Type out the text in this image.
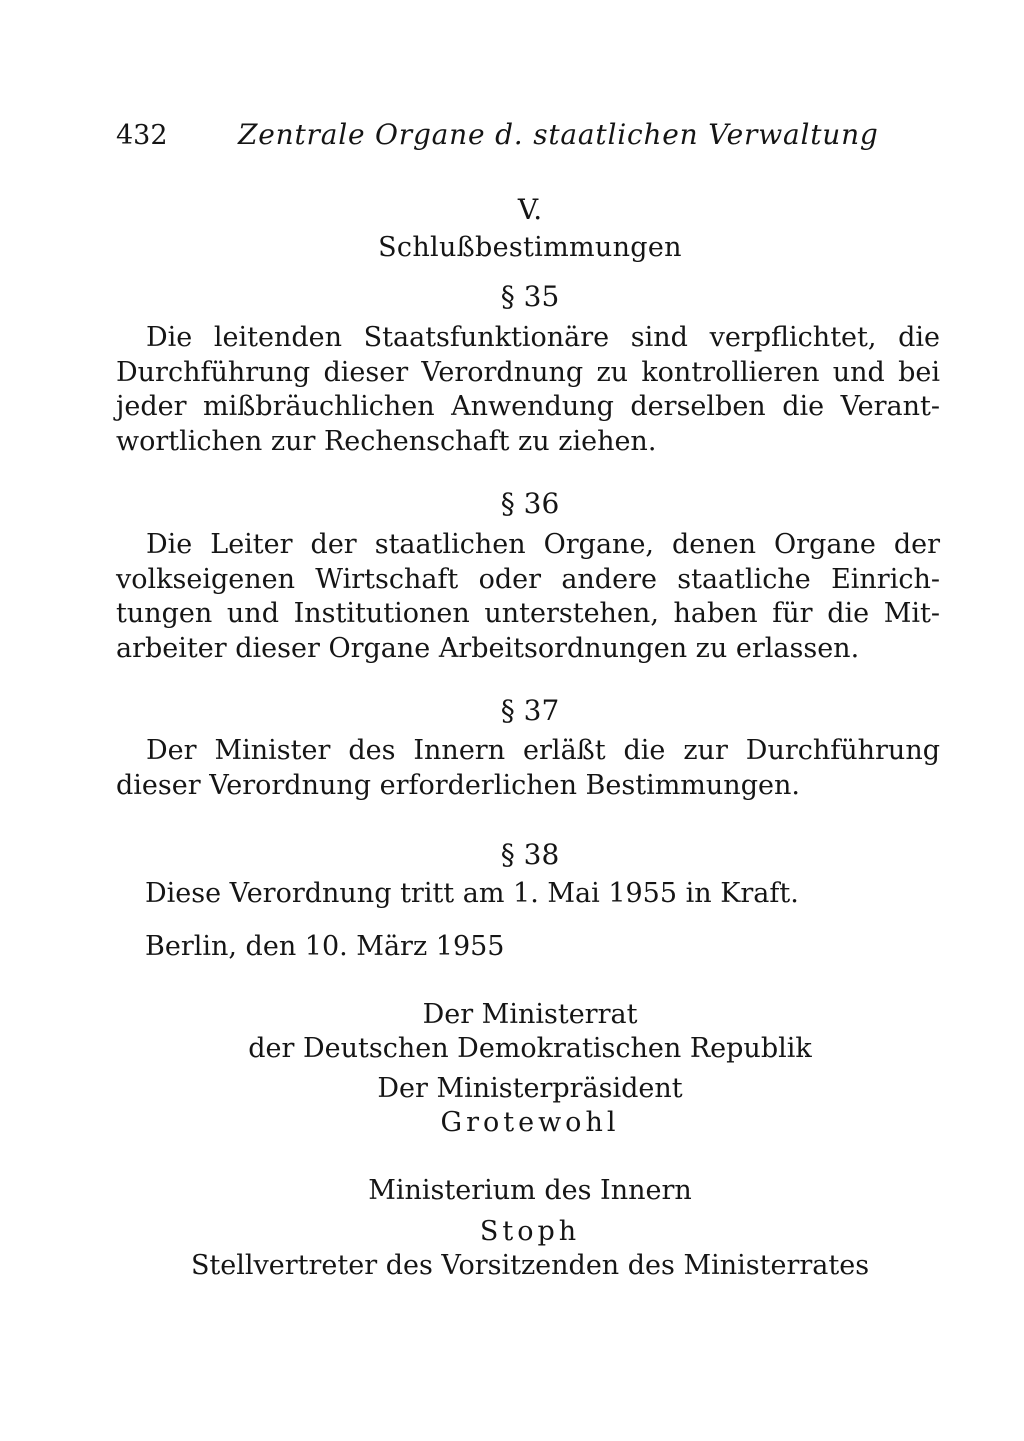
432	Zentrale Organe d. staatlichen Verwaltung
V.
Schlußbestimmungen
§ 35
Die leitenden Staatsfunktionäre sind verpflichtet, die
Durchführung dieser Verordnung zu kontrollieren und bei
jeder mißbräuchlichen Anwendung derselben die Verant-
wortlichen zur Rechenschaft zu ziehen.
§ 36
Die Leiter der staatlichen Organe, denen Organe der
volkseigenen Wirtschaft oder andere staatliche Einrich-
tungen und Institutionen unterstehen, haben für die Mit-
arbeiter dieser Organe Arbeitsordnungen zu erlassen.
§ 37
Der Minister des Innern erläßt die zur Durchführung
dieser Verordnung erforderlichen Bestimmungen.
§ 38
Diese Verordnung tritt am 1. Mai 1955 in Kraft.
Berlin, den 10. März 1955
Der Ministerrat
der Deutschen Demokratischen Republik
Der Ministerpräsident
Grotewohl
Ministerium des Innern
Stoph
Stellvertreter des Vorsitzenden des Ministerrates
